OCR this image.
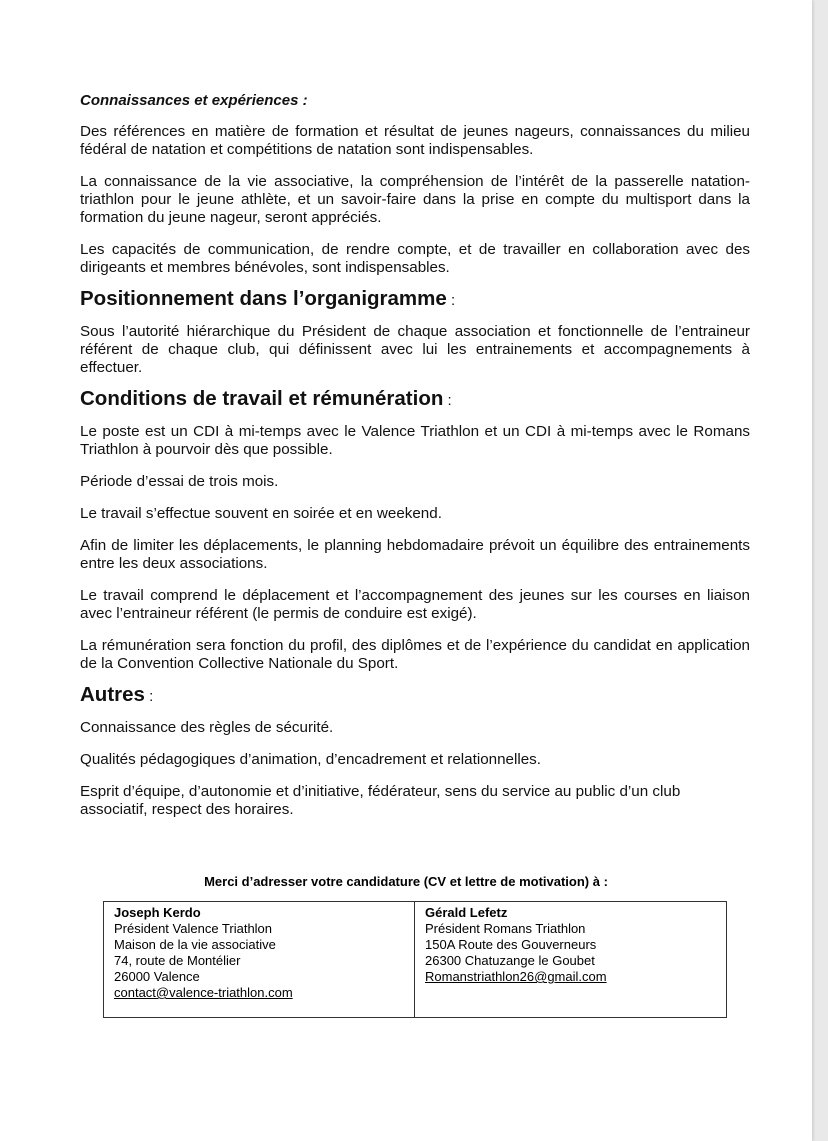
Connaissances et expériences :

Des références en matière de formation et résultat de jeunes nageurs, connaissances du milieu fédéral de natation et compétitions de natation sont indispensables.

La connaissance de la vie associative, la compréhension de l’intérêt de la passerelle natation-triathlon pour le jeune athlète, et un savoir-faire dans la prise en compte du multisport dans la formation du jeune nageur, seront appréciés.

Les capacités de communication, de rendre compte, et de travailler en collaboration avec des dirigeants et membres bénévoles, sont indispensables.

Positionnement dans l’organigramme :

Sous l’autorité hiérarchique du Président de chaque association et fonctionnelle de l’entraineur référent de chaque club, qui définissent avec lui les entrainements et accompagnements à effectuer.

Conditions de travail et rémunération :

Le poste est un CDI à mi-temps avec le Valence Triathlon et un CDI à mi-temps avec le Romans Triathlon à pourvoir dès que possible.

Période d’essai de trois mois.

Le travail s’effectue souvent en soirée et en weekend.

Afin de limiter les déplacements, le planning hebdomadaire prévoit un équilibre des entrainements entre les deux associations.

Le travail comprend le déplacement et l’accompagnement des jeunes sur les courses en liaison avec l’entraineur référent (le permis de conduire est exigé).

La rémunération sera fonction du profil, des diplômes et de l’expérience du candidat en application de la Convention Collective Nationale du Sport.

Autres :

Connaissance des règles de sécurité.

Qualités pédagogiques d’animation, d’encadrement et relationnelles.

Esprit d’équipe, d’autonomie et d’initiative, fédérateur, sens du service au public d’un club associatif, respect des horaires.

Merci d’adresser votre candidature (CV et lettre de motivation) à :
Joseph Kerdo
Président Valence Triathlon
Maison de la vie associative
74, route de Montélier
26000 Valence
contact@valence-triathlon.com
Gérald Lefetz
Président Romans Triathlon
150A Route des Gouverneurs
26300 Chatuzange le Goubet
Romanstriathlon26@gmail.com
